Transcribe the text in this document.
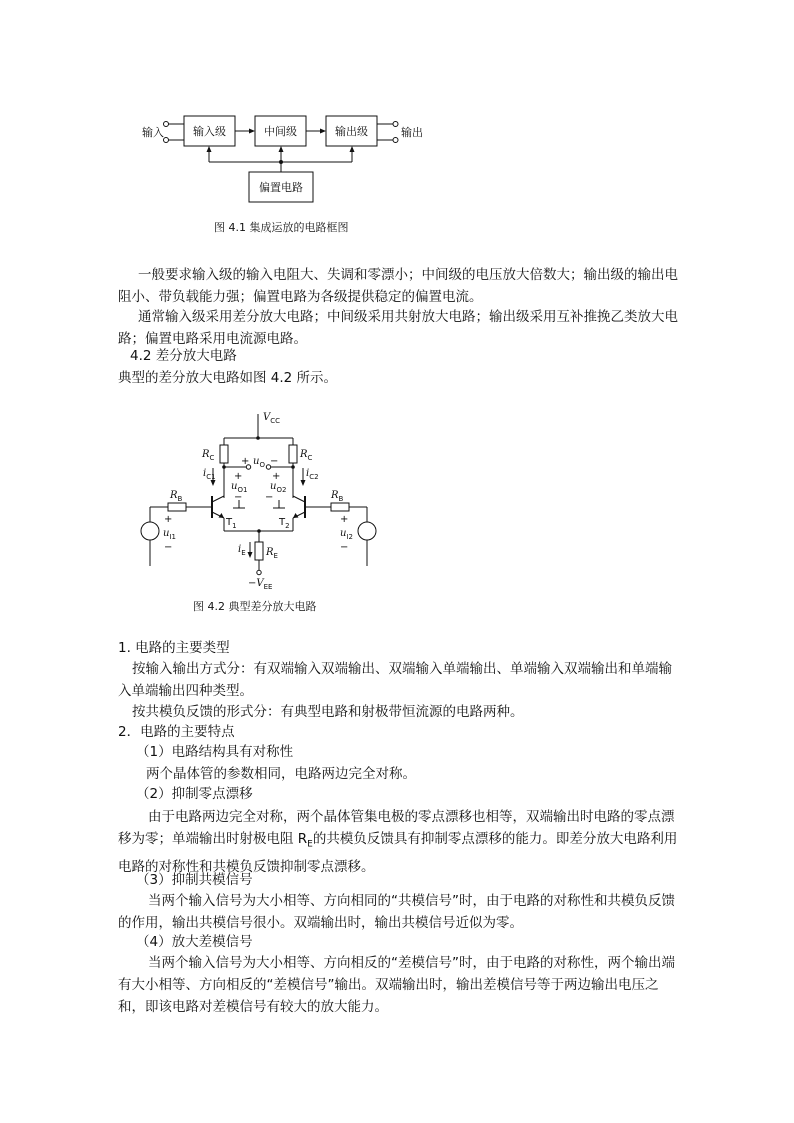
输入	输出
输入级	中间级	输出级
偏置电路
图 4.1 集成运放的电路框图
一般要求输入级的输入电阻大、失调和零漂小；中间级的电压放大倍数大；输出级的输出电阻小、带负载能力强；偏置电路为各级提供稳定的偏置电流。
通常输入级采用差分放大电路；中间级采用共射放大电路；输出级采用互补推挽乙类放大电路；偏置电路采用电流源电路。
4.2 差分放大电路
典型的差分放大电路如图 4.2 所示。
$V_{CC}$
$R_C$	$R_C$
$i_{C1}$	$i_{C2}$
+ $u_O$ −
+
$u_{O1}$
−
+
$u_{O2}$
−
$R_B$	$R_B$
$T_1$	$T_2$
+
$u_{I1}$
−
+
$u_{I2}$
−
$i_E$ $R_E$
$-V_{EE}$
图 4.2 典型差分放大电路
1. 电路的主要类型
按输入输出方式分：有双端输入双端输出、双端输入单端输出、单端输入双端输出和单端输入单端输出四种类型。
按共模负反馈的形式分：有典型电路和射极带恒流源的电路两种。
2．电路的主要特点
（1）电路结构具有对称性
两个晶体管的参数相同，电路两边完全对称。
（2）抑制零点漂移
由于电路两边完全对称，两个晶体管集电极的零点漂移也相等，双端输出时电路的零点漂移为零；单端输出时射极电阻 $R_E$的共模负反馈具有抑制零点漂移的能力。即差分放大电路利用电路的对称性和共模负反馈抑制零点漂移。
（3）抑制共模信号
当两个输入信号为大小相等、方向相同的“共模信号”时，由于电路的对称性和共模负反馈的作用，输出共模信号很小。双端输出时，输出共模信号近似为零。
（4）放大差模信号
当两个输入信号为大小相等、方向相反的“差模信号”时，由于电路的对称性，两个输出端有大小相等、方向相反的“差模信号”输出。双端输出时，输出差模信号等于两边输出电压之和，即该电路对差模信号有较大的放大能力。
